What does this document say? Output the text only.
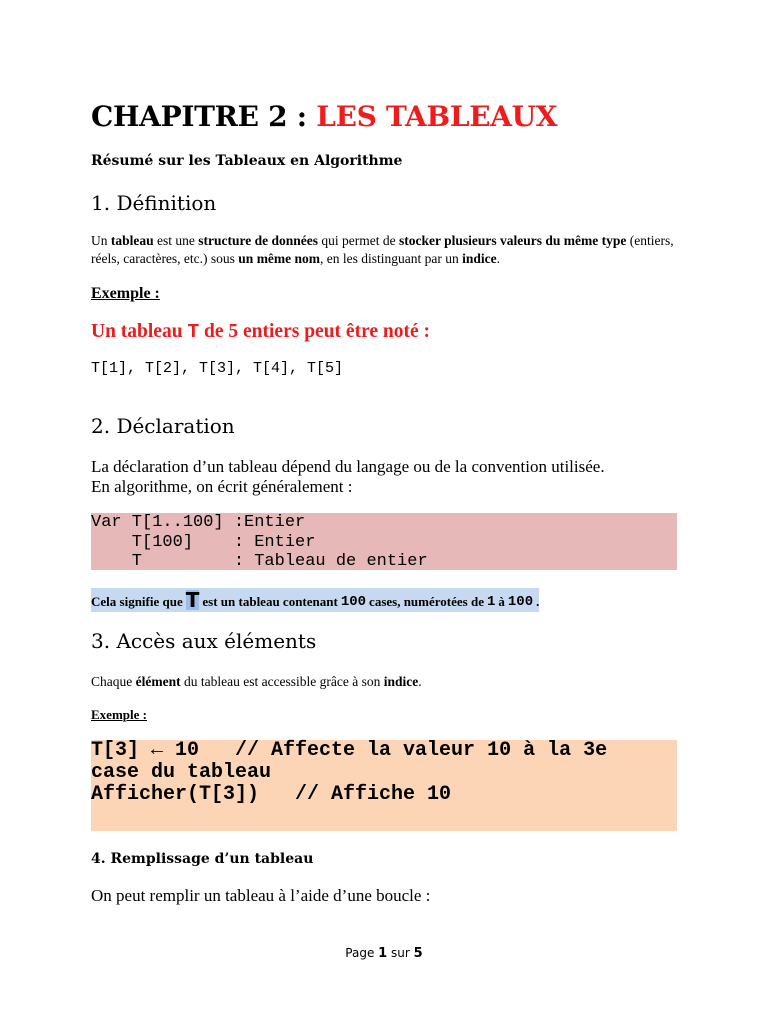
CHAPITRE 2 : LES TABLEAUX
Résumé sur les Tableaux en Algorithme
1. Définition
Un tableau est une structure de données qui permet de stocker plusieurs valeurs du même type (entiers, réels, caractères, etc.) sous un même nom, en les distinguant par un indice.
Exemple :
Un tableau T de 5 entiers peut être noté :
T[1], T[2], T[3], T[4], T[5]
2. Déclaration
La déclaration d’un tableau dépend du langage ou de la convention utilisée.
En algorithme, on écrit généralement :
Var T[1..100] :Entier
T[100]    : Entier
T         : Tableau de entier
Cela signifie que T est un tableau contenant 100 cases, numérotées de 1 à 100 .
3. Accès aux éléments
Chaque élément du tableau est accessible grâce à son indice.
Exemple :
T[3] ← 10   // Affecte la valeur 10 à la 3e
case du tableau
Afficher(T[3])   // Affiche 10
4. Remplissage d’un tableau
On peut remplir un tableau à l’aide d’une boucle :
Page 1 sur 5
